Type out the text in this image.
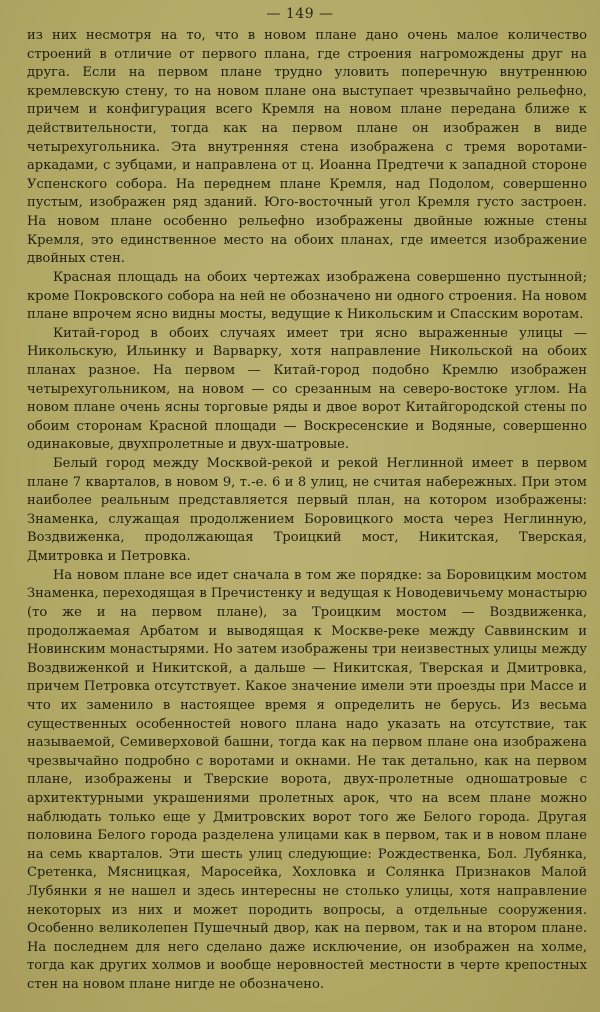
— 149 —

из них несмотря на то, что в новом плане дано очень малое количество строений в отличие от первого плана, где строения нагромождены друг на друга. Если на первом плане трудно уловить поперечную внутреннюю кремлевскую стену, то на новом плане она выступает чрезвычайно рельефно, причем и конфигурация всего Кремля на новом плане передана ближе к действительности, тогда как на первом плане он изображен в виде четырехугольника. Эта внутренняя стена изображена с тремя воротами-аркадами, с зубцами, и направлена от ц. Иоанна Предтечи к западной стороне Успенского собора. На переднем плане Кремля, над Подолом, совершенно пустым, изображен ряд зданий. Юго-восточный угол Кремля густо застроен. На новом плане особенно рельефно изображены двойные южные стены Кремля, это единственное место на обоих планах, где имеется изображение двойных стен.

Красная площадь на обоих чертежах изображена совершенно пустынной; кроме Покровского собора на ней не обозначено ни одного строения. На новом плане впрочем ясно видны мосты, ведущие к Никольским и Спасским воротам.

Китай-город в обоих случаях имеет три ясно выраженные улицы — Никольскую, Ильинку и Варварку, хотя направление Никольской на обоих планах разное. На первом — Китай-город подобно Кремлю изображен четырехугольником, на новом — со срезанным на северо-востоке углом. На новом плане очень ясны торговые ряды и двое ворот Китайгородской стены по обоим сторонам Красной площади — Воскресенские и Водяные, совершенно одинаковые, двухпролетные и двух-шатровые.

Белый город между Москвой-рекой и рекой Неглинной имеет в первом плане 7 кварталов, в новом 9, т.-е. 6 и 8 улиц, не считая набережных. При этом наиболее реальным представляется первый план, на котором изображены: Знаменка, служащая продолжением Боровицкого моста через Неглинную, Воздвиженка, продолжающая Троицкий мост, Никитская, Тверская, Дмитровка и Петровка.

На новом плане все идет сначала в том же порядке: за Боровицким мостом Знаменка, переходящая в Пречистенку и ведущая к Новодевичьему монастырю (то же и на первом плане), за Троицким мостом — Воздвиженка, продолжаемая Арбатом и выводящая к Москве-реке между Саввинским и Новинским монастырями. Но затем изображены три неизвестных улицы между Воздвиженкой и Никитской, а дальше — Никитская, Тверская и Дмитровка, причем Петровка отсутствует. Какое значение имели эти проезды при Массе и что их заменило в настоящее время я определить не берусь. Из весьма существенных особенностей нового плана надо указать на отсутствие, так называемой, Семиверховой башни, тогда как на первом плане она изображена чрезвычайно подробно с воротами и окнами. Не так детально, как на первом плане, изображены и Тверские ворота, двух-пролетные одношатровые с архитектурными украшениями пролетных арок, что на всем плане можно наблюдать только еще у Дмитровских ворот того же Белого города. Другая половина Белого города разделена улицами как в первом, так и в новом плане на семь кварталов. Эти шесть улиц следующие: Рождественка, Бол. Лубянка, Сретенка, Мясницкая, Маросейка, Хохловка и Солянка Признаков Малой Лубянки я не нашел и здесь интересны не столько улицы, хотя направление некоторых из них и может породить вопросы, а отдельные сооружения. Особенно великолепен Пушечный двор, как на первом, так и на втором плане. На последнем для него сделано даже исключение, он изображен на холме, тогда как других холмов и вообще неровностей местности в черте крепостных стен на новом плане нигде не обозначено.
